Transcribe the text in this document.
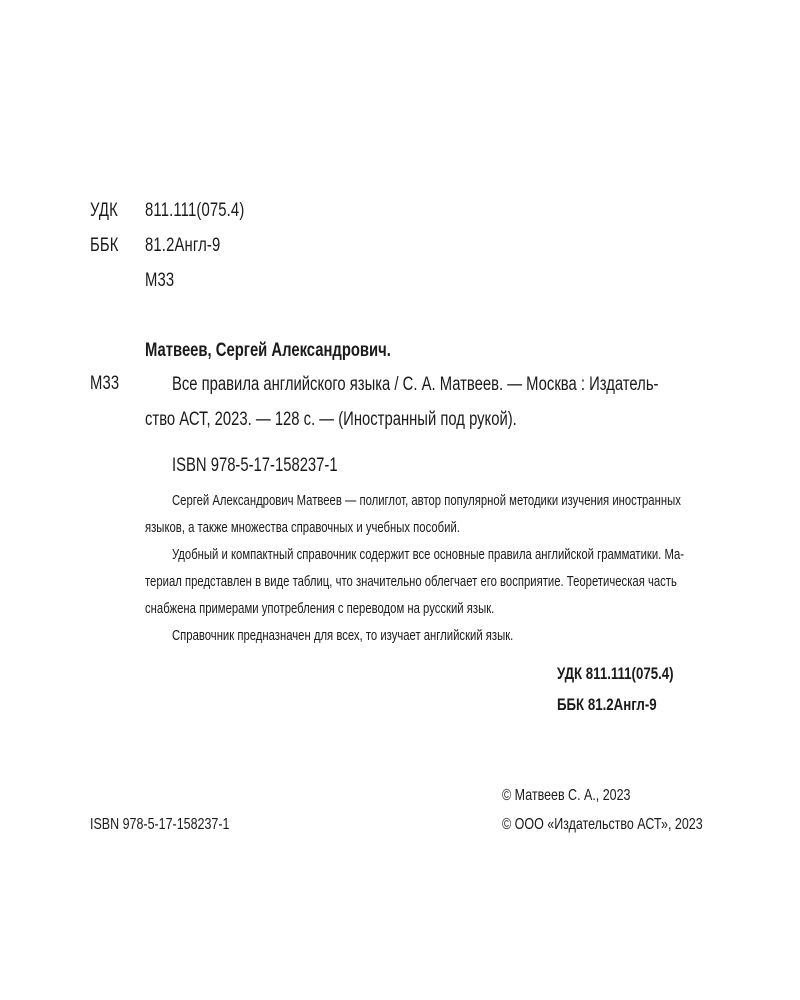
УДК 811.111(075.4)
ББК 81.2Англ-9
М33
Матвеев, Сергей Александрович.
М33	Все правила английского языка / С. А. Матвеев. — Москва : Издатель-
ство АСТ, 2023. — 128 с. — (Иностранный под рукой).
ISBN 978-5-17-158237-1
Сергей Александрович Матвеев — полиглот, автор популярной методики изучения иностранных
языков, а также множества справочных и учебных пособий.
Удобный и компактный справочник содержит все основные правила английской грамматики. Ма-
териал представлен в виде таблиц, что значительно облегчает его восприятие. Теоретическая часть
снабжена примерами употребления с переводом на русский язык.
Справочник предназначен для всех, то изучает английский язык.
УДК 811.111(075.4)
ББК 81.2Англ-9
© Матвеев С. А., 2023
ISBN 978-5-17-158237-1	© ООО «Издательство АСТ», 2023
